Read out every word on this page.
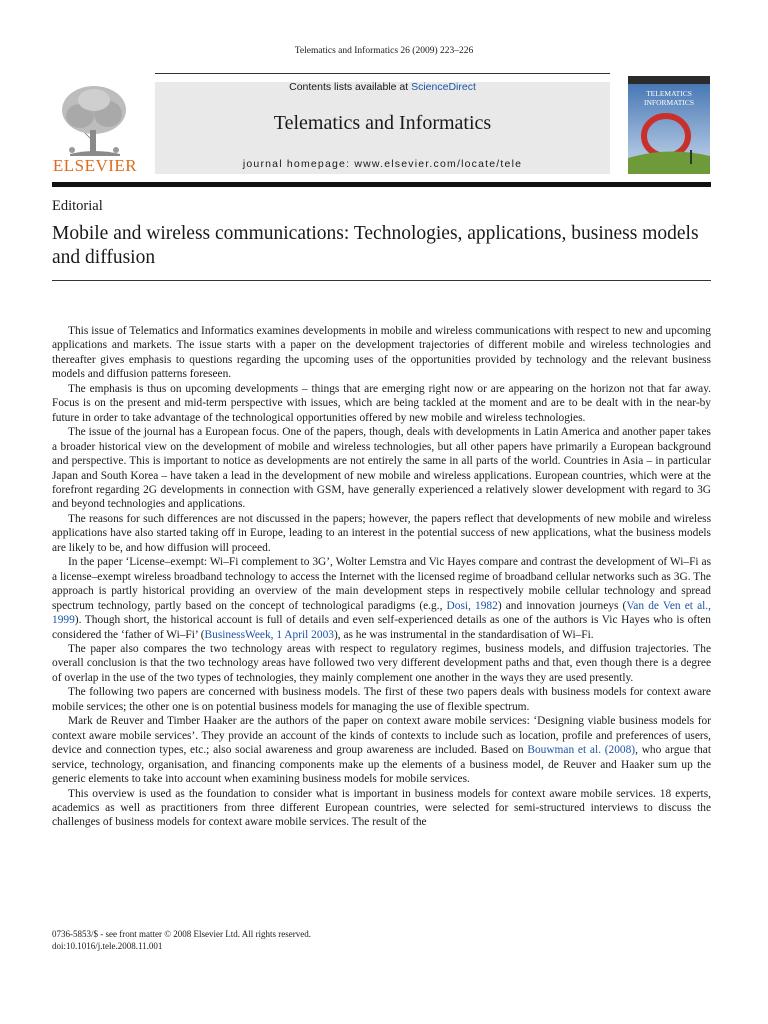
Telematics and Informatics 26 (2009) 223–226
Contents lists available at ScienceDirect
Telematics and Informatics
journal homepage: www.elsevier.com/locate/tele
ELSEVIER
TELEMATICS
INFORMATICS
Editorial
Mobile and wireless communications: Technologies, applications, business models and diffusion

This issue of Telematics and Informatics examines developments in mobile and wireless communications with respect to new and upcoming applications and markets. The issue starts with a paper on the development trajectories of different mobile and wireless technologies and thereafter gives emphasis to questions regarding the upcoming uses of the opportunities provided by technology and the relevant business models and diffusion patterns foreseen.

The emphasis is thus on upcoming developments – things that are emerging right now or are appearing on the horizon not that far away. Focus is on the present and mid-term perspective with issues, which are being tackled at the moment and are to be dealt with in the near-by future in order to take advantage of the technological opportunities offered by new mobile and wireless technologies.

The issue of the journal has a European focus. One of the papers, though, deals with developments in Latin America and another paper takes a broader historical view on the development of mobile and wireless technologies, but all other papers have primarily a European background and perspective. This is important to notice as developments are not entirely the same in all parts of the world. Countries in Asia – in particular Japan and South Korea – have taken a lead in the development of new mobile and wireless applications. European countries, which were at the forefront regarding 2G developments in connection with GSM, have generally experienced a relatively slower development with regard to 3G and beyond technologies and applications.

The reasons for such differences are not discussed in the papers; however, the papers reflect that developments of new mobile and wireless applications have also started taking off in Europe, leading to an interest in the potential success of new applications, what the business models are likely to be, and how diffusion will proceed.

In the paper ‘License–exempt: Wi–Fi complement to 3G’, Wolter Lemstra and Vic Hayes compare and contrast the development of Wi–Fi as a license–exempt wireless broadband technology to access the Internet with the licensed regime of broadband cellular networks such as 3G. The approach is partly historical providing an overview of the main development steps in respectively mobile cellular technology and spread spectrum technology, partly based on the concept of technological paradigms (e.g., Dosi, 1982) and innovation journeys (Van de Ven et al., 1999). Though short, the historical account is full of details and even self-experienced details as one of the authors is Vic Hayes who is often considered the ‘father of Wi–Fi’ (BusinessWeek, 1 April 2003), as he was instrumental in the standardisation of Wi–Fi.

The paper also compares the two technology areas with respect to regulatory regimes, business models, and diffusion trajectories. The overall conclusion is that the two technology areas have followed two very different development paths and that, even though there is a degree of overlap in the use of the two types of technologies, they mainly complement one another in the ways they are used presently.

The following two papers are concerned with business models. The first of these two papers deals with business models for context aware mobile services; the other one is on potential business models for managing the use of flexible spectrum.

Mark de Reuver and Timber Haaker are the authors of the paper on context aware mobile services: ‘Designing viable business models for context aware mobile services’. They provide an account of the kinds of contexts to include such as location, profile and preferences of users, device and connection types, etc.; also social awareness and group awareness are included. Based on Bouwman et al. (2008), who argue that service, technology, organisation, and financing components make up the elements of a business model, de Reuver and Haaker sum up the generic elements to take into account when examining business models for mobile services.

This overview is used as the foundation to consider what is important in business models for context aware mobile services. 18 experts, academics as well as practitioners from three different European countries, were selected for semi-structured interviews to discuss the challenges of business models for context aware mobile services. The result of the

0736-5853/$ - see front matter © 2008 Elsevier Ltd. All rights reserved.
doi:10.1016/j.tele.2008.11.001
